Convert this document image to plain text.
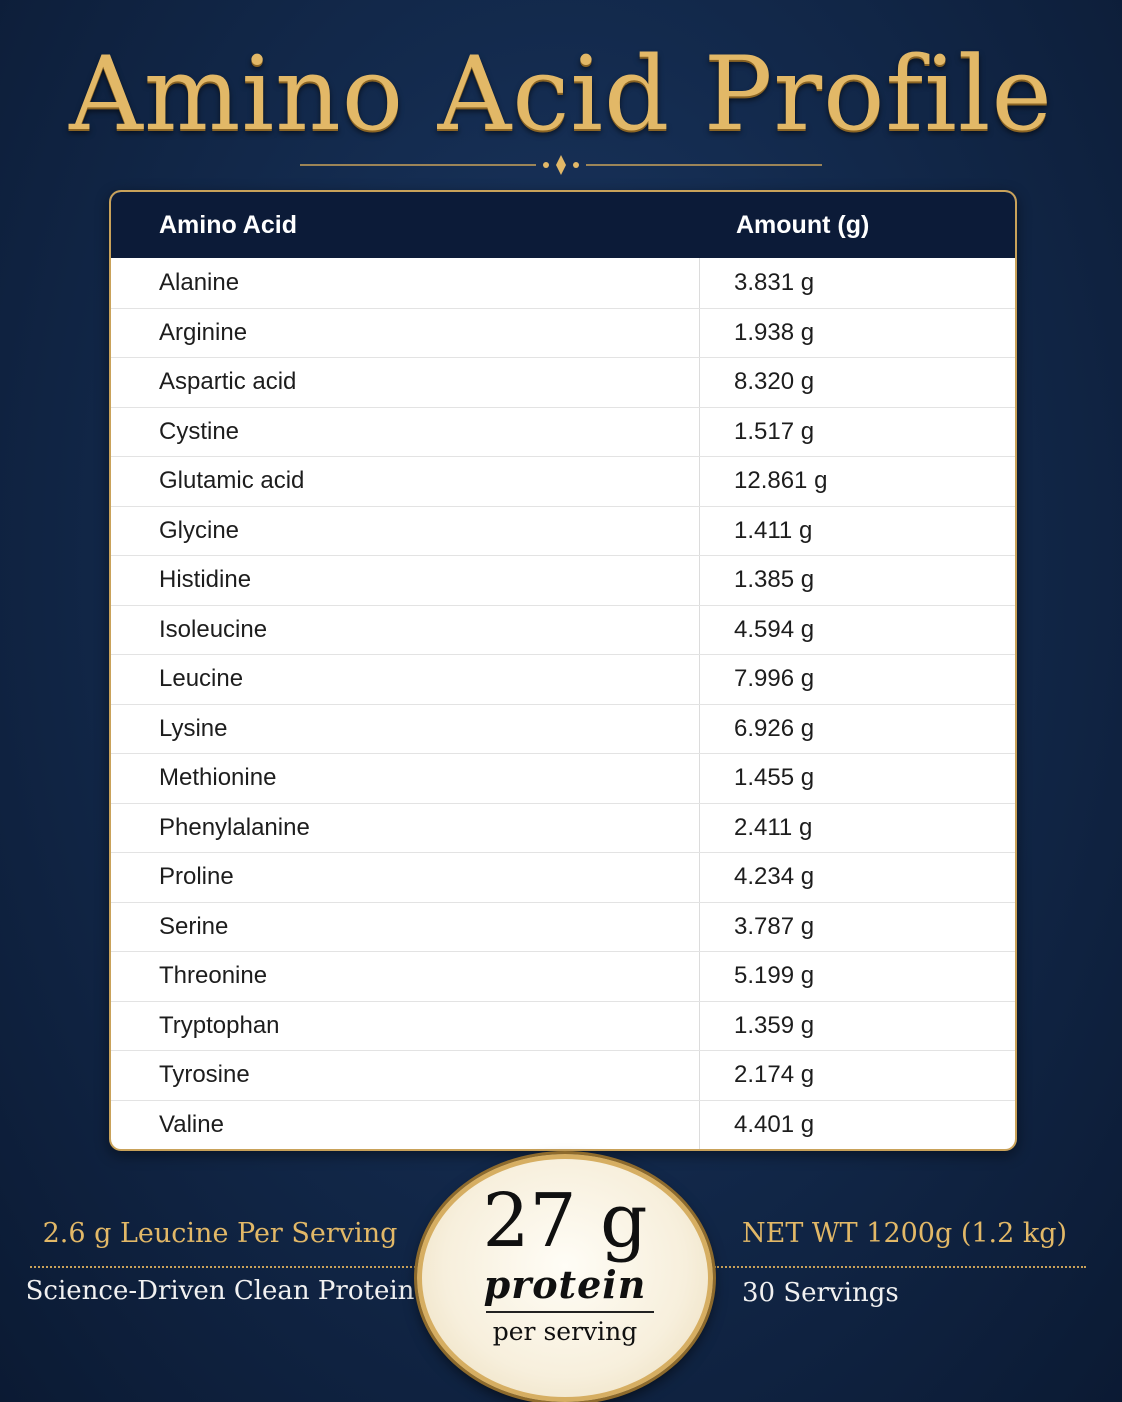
Amino Acid Profile
Amino Acid	Amount (g)
Alanine	3.831 g
Arginine	1.938 g
Aspartic acid	8.320 g
Cystine	1.517 g
Glutamic acid	12.861 g
Glycine	1.411 g
Histidine	1.385 g
Isoleucine	4.594 g
Leucine	7.996 g
Lysine	6.926 g
Methionine	1.455 g
Phenylalanine	2.411 g
Proline	4.234 g
Serine	3.787 g
Threonine	5.199 g
Tryptophan	1.359 g
Tyrosine	2.174 g
Valine	4.401 g
2.6 g Leucine Per Serving
Science-Driven Clean Protein
NET WT 1200g (1.2 kg)
30 Servings
27 g
protein
per serving
